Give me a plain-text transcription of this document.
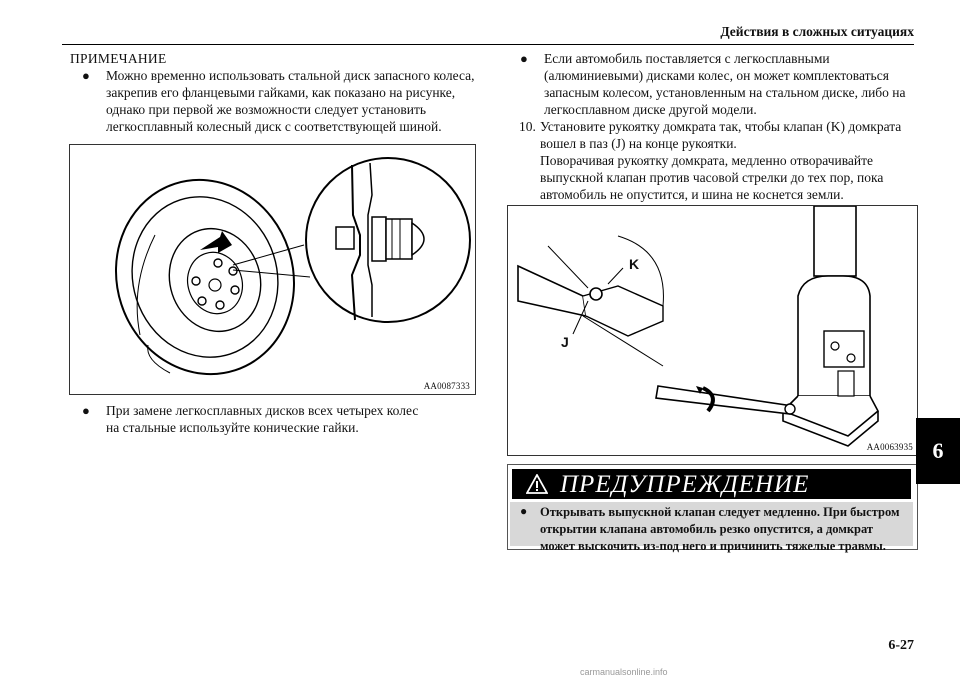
Действия в сложных ситуациях
ПРИМЕЧАНИЕ
● Можно временно использовать стальной диск запасного колеса,
закрепив его фланцевыми гайками, как показано на рисунке,
однако при первой же возможности следует установить
легкосплавный колесный диск с соответствующей шиной.
AA0087333
● При замене легкосплавных дисков всех четырех колес
на стальные используйте конические гайки.
● Если автомобиль поставляется с легкосплавными
(алюминиевыми) дисками колес, он может комплектоваться
запасным колесом, установленным на стальном диске, либо на
легкосплавном диске другой модели.
10. Установите рукоятку домкрата так, чтобы клапан (K) домкрата
вошел в паз (J) на конце рукоятки.
Поворачивая рукоятку домкрата, медленно отворачивайте
выпускной клапан против часовой стрелки до тех пор, пока
автомобиль не опустится, и шина не коснется земли.
K
J
AA0063935
ПРЕДУПРЕЖДЕНИЕ
● Открывать выпускной клапан следует медленно. При быстром
открытии клапана автомобиль резко опустится, а домкрат
может выскочить из-под него и причинить тяжелые травмы.
6
6-27
carmanualsonline.info
